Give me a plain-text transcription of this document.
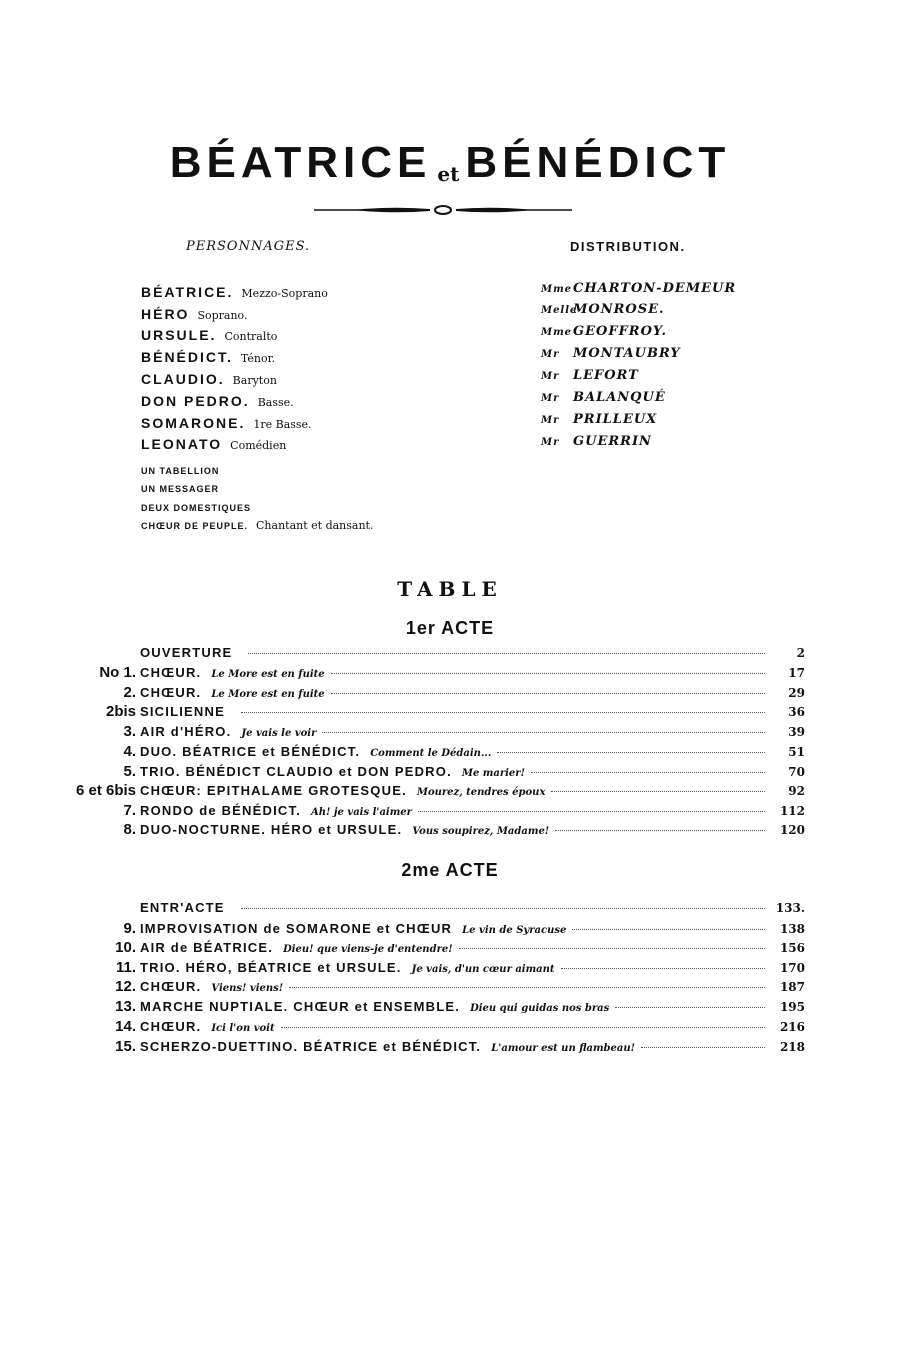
BÉATRICE et BÉNÉDICT
PERSONNAGES.	DISTRIBUTION.
BÉATRICE. Mezzo-Soprano
HÉRO Soprano.
URSULE. Contralto
BÉNÉDICT. Ténor.
CLAUDIO. Baryton
DON PEDRO. Basse.
SOMARONE. 1re Basse.
LEONATO Comédien
UN TABELLION
UN MESSAGER
DEUX DOMESTIQUES
CHŒUR DE PEUPLE. Chantant et dansant.
MmeCHARTON-DEMEUR
MelleMONROSE.
MmeGEOFFROY.
Mr MONTAUBRY
Mr LEFORT
Mr BALANQUÉ
Mr PRILLEUX
Mr GUERRIN
TABLE
1er ACTE
OUVERTURE	2
No 1. CHŒUR. Le More est en fuite	17
2. CHŒUR. Le More est en fuite	29
2bis SICILIENNE	36
3. AIR d'HÉRO. Je vais le voir	39
4. DUO. BÉATRICE et BÉNÉDICT. Comment le Dédain...	51
5. TRIO. BÉNÉDICT CLAUDIO et DON PEDRO. Me marier!	70
6 et 6bis CHŒUR: EPITHALAME GROTESQUE. Mourez, tendres époux	92
7. RONDO de BÉNÉDICT. Ah! je vais l'aimer	112
8. DUO-NOCTURNE. HÉRO et URSULE. Vous soupirez, Madame!	120
2me ACTE
ENTR'ACTE	133.
9. IMPROVISATION de SOMARONE et CHŒUR Le vin de Syracuse	138
10. AIR de BÉATRICE. Dieu! que viens-je d'entendre!	156
11. TRIO. HÉRO, BÉATRICE et URSULE. Je vais, d'un cœur aimant	170
12. CHŒUR. Viens! viens!	187
13. MARCHE NUPTIALE. CHŒUR et ENSEMBLE. Dieu qui guidas nos bras	195
14. CHŒUR. Ici l'on voit	216
15. SCHERZO-DUETTINO. BÉATRICE et BÉNÉDICT. L'amour est un flambeau!	218
